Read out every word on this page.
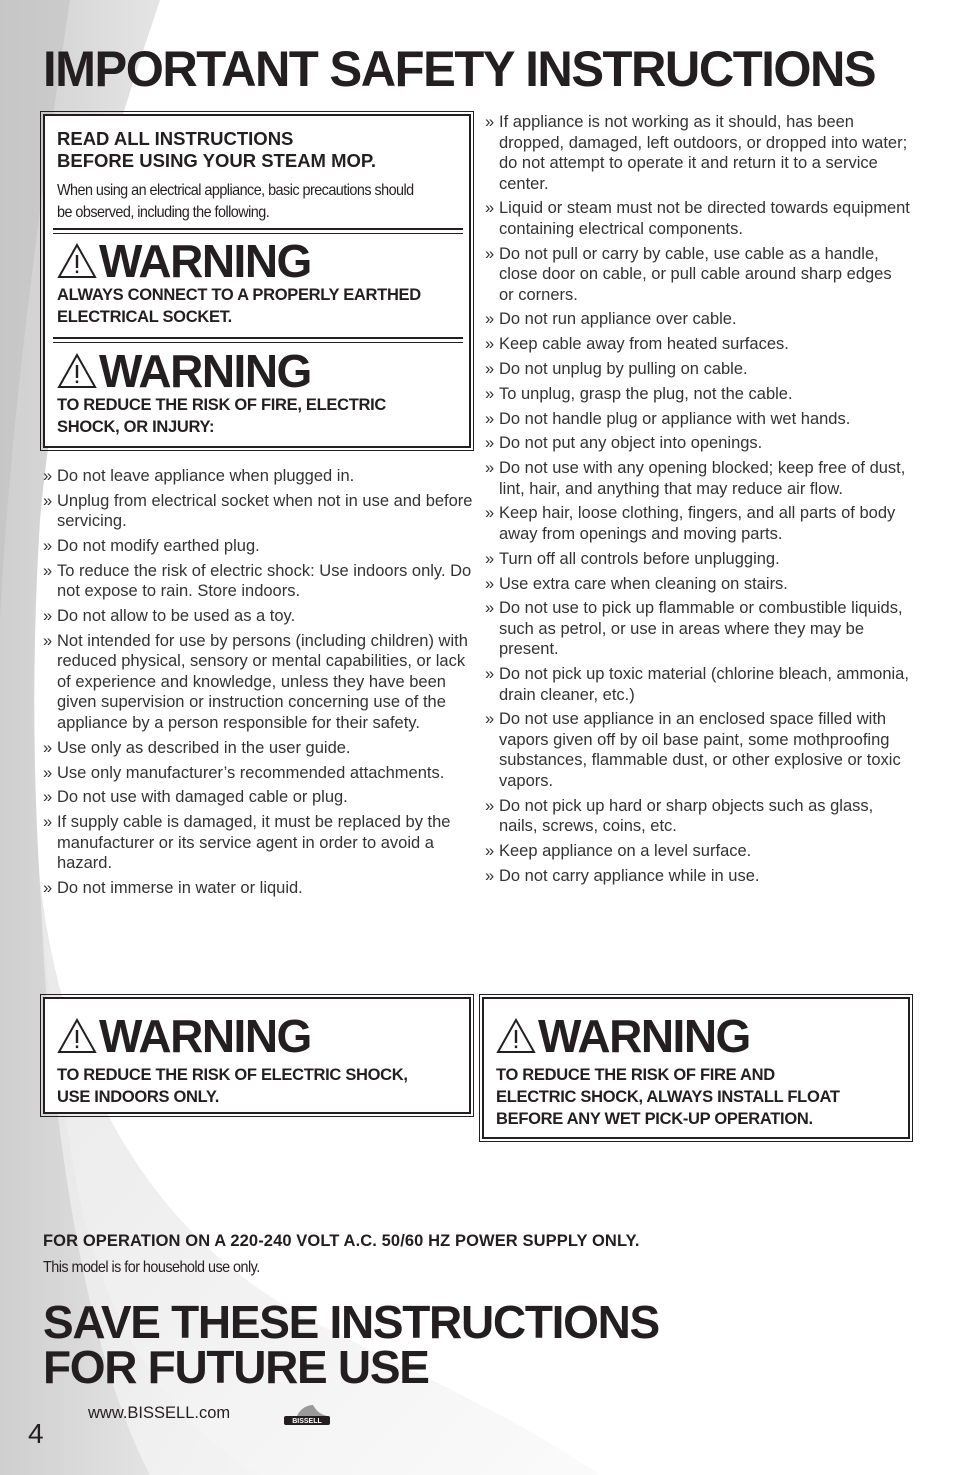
IMPORTANT SAFETY INSTRUCTIONS
READ ALL INSTRUCTIONS
BEFORE USING YOUR STEAM MOP.
When using an electrical appliance, basic precautions should be observed, including the following.
WARNING
ALWAYS CONNECT TO A PROPERLY EARTHED
ELECTRICAL SOCKET.
WARNING
TO REDUCE THE RISK OF FIRE, ELECTRIC
SHOCK, OR INJURY:
» Do not leave appliance when plugged in.
» Unplug from electrical socket when not in use and before servicing.
» Do not modify earthed plug.
» To reduce the risk of electric shock: Use indoors only. Do not expose to rain. Store indoors.
» Do not allow to be used as a toy.
» Not intended for use by persons (including children) with reduced physical, sensory or mental capabilities, or lack of experience and knowledge, unless they have been given supervision or instruction concerning use of the appliance by a person responsible for their safety.
» Use only as described in the user guide.
» Use only manufacturer’s recommended attachments.
» Do not use with damaged cable or plug.
» If supply cable is damaged, it must be replaced by the manufacturer or its service agent in order to avoid a hazard.
» Do not immerse in water or liquid.
» If appliance is not working as it should, has been dropped, damaged, left outdoors, or dropped into water; do not attempt to operate it and return it to a service center.
» Liquid or steam must not be directed towards equipment containing electrical components.
» Do not pull or carry by cable, use cable as a handle, close door on cable, or pull cable around sharp edges or corners.
» Do not run appliance over cable.
» Keep cable away from heated surfaces.
» Do not unplug by pulling on cable.
» To unplug, grasp the plug, not the cable.
» Do not handle plug or appliance with wet hands.
» Do not put any object into openings.
» Do not use with any opening blocked; keep free of dust, lint, hair, and anything that may reduce air flow.
» Keep hair, loose clothing, fingers, and all parts of body away from openings and moving parts.
» Turn off all controls before unplugging.
» Use extra care when cleaning on stairs.
» Do not use to pick up flammable or combustible liquids, such as petrol, or use in areas where they may be present.
» Do not pick up toxic material (chlorine bleach, ammonia, drain cleaner, etc.)
» Do not use appliance in an enclosed space filled with vapors given off by oil base paint, some mothproofing substances, flammable dust, or other explosive or toxic vapors.
» Do not pick up hard or sharp objects such as glass, nails, screws, coins, etc.
» Keep appliance on a level surface.
» Do not carry appliance while in use.
WARNING
TO REDUCE THE RISK OF ELECTRIC SHOCK,
USE INDOORS ONLY.
WARNING
TO REDUCE THE RISK OF FIRE AND
ELECTRIC SHOCK, ALWAYS INSTALL FLOAT
BEFORE ANY WET PICK-UP OPERATION.
FOR OPERATION ON A 220-240 VOLT A.C. 50/60 HZ POWER SUPPLY ONLY.
This model is for household use only.
SAVE THESE INSTRUCTIONS
FOR FUTURE USE
4
www.BISSELL.com	BISSELL
